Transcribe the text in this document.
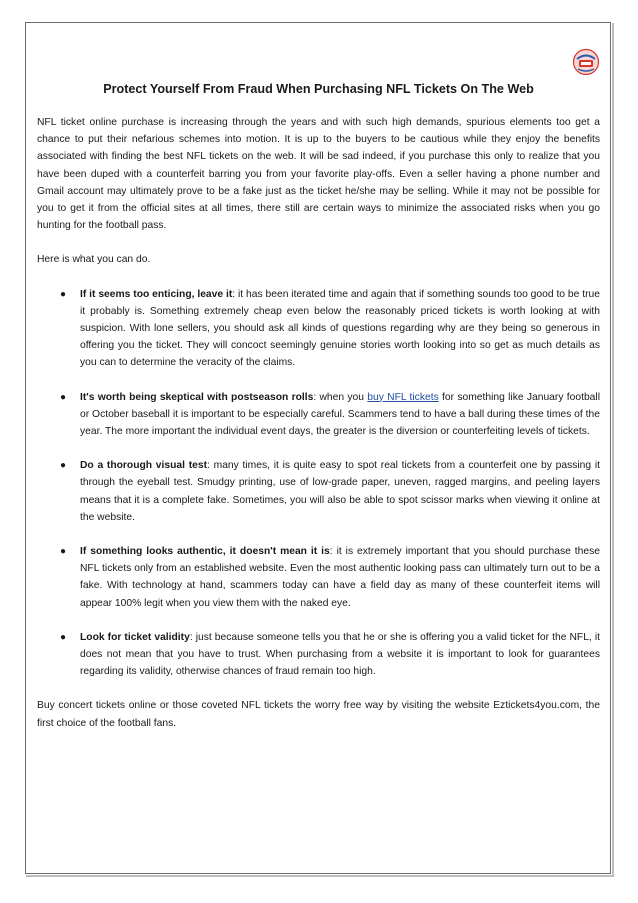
Protect Yourself From Fraud When Purchasing NFL Tickets On The Web

NFL ticket online purchase is increasing through the years and with such high demands, spurious elements too get a chance to put their nefarious schemes into motion. It is up to the buyers to be cautious while they enjoy the benefits associated with finding the best NFL tickets on the web. It will be sad indeed, if you purchase this only to realize that you have been duped with a counterfeit barring you from your favorite play-offs. Even a seller having a phone number and Gmail account may ultimately prove to be a fake just as the ticket he/she may be selling. While it may not be possible for you to get it from the official sites at all times, there still are certain ways to minimize the associated risks when you go hunting for the football pass.

Here is what you can do.

● If it seems too enticing, leave it: it has been iterated time and again that if something sounds too good to be true it probably is. Something extremely cheap even below the reasonably priced tickets is worth looking at with suspicion. With lone sellers, you should ask all kinds of questions regarding why are they being so generous in offering you the ticket. They will concoct seemingly genuine stories worth looking into so get as much details as you can to determine the veracity of the claims.
● It's worth being skeptical with postseason rolls: when you buy NFL tickets for something like January football or October baseball it is important to be especially careful. Scammers tend to have a ball during these times of the year. The more important the individual event days, the greater is the diversion or counterfeiting levels of tickets.
● Do a thorough visual test: many times, it is quite easy to spot real tickets from a counterfeit one by passing it through the eyeball test. Smudgy printing, use of low-grade paper, uneven, ragged margins, and peeling layers means that it is a complete fake. Sometimes, you will also be able to spot scissor marks when viewing it online at the website.
● If something looks authentic, it doesn't mean it is: it is extremely important that you should purchase these NFL tickets only from an established website. Even the most authentic looking pass can ultimately turn out to be a fake. With technology at hand, scammers today can have a field day as many of these counterfeit items will appear 100% legit when you view them with the naked eye.
● Look for ticket validity: just because someone tells you that he or she is offering you a valid ticket for the NFL, it does not mean that you have to trust. When purchasing from a website it is important to look for guarantees regarding its validity, otherwise chances of fraud remain too high.

Buy concert tickets online or those coveted NFL tickets the worry free way by visiting the website Eztickets4you.com, the first choice of the football fans.
